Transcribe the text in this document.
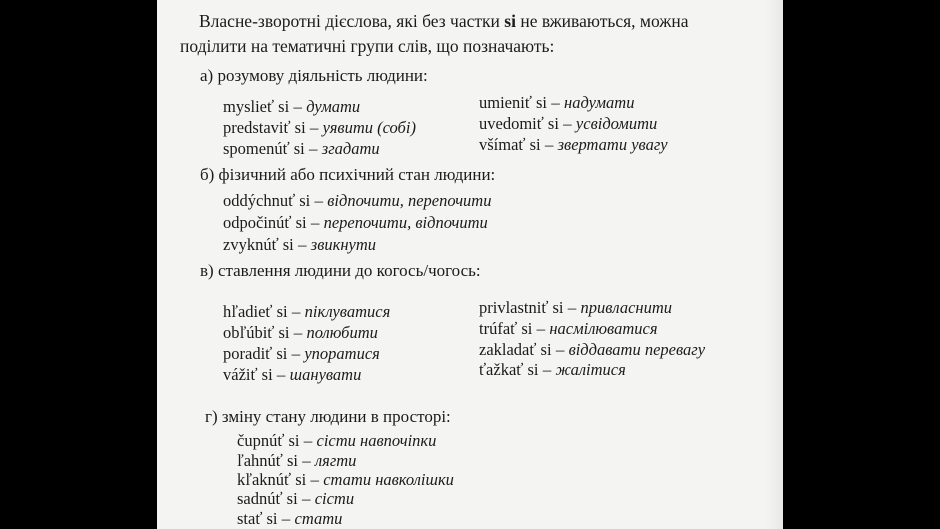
Власне-зворотні дієслова, які без частки si не вживаються, можна
поділити на тематичні групи слів, що позначають:
а) розумову діяльність людини:
myslieť si – думати
predstaviť si – уявити (собі)
spomenúť si – згадати
umieniť si – надумати
uvedomiť si – усвідомити
všímať si – звертати увагу
б) фізичний або психічний стан людини:
oddýchnuť si – відпочити, перепочити
odpočinúť si – перепочити, відпочити
zvyknúť si – звикнути
в) ставлення людини до когось/чогось:
hľadieť si – піклуватися
obľúbiť si – полюбити
poradiť si – упоратися
vážiť si – шанувати
privlastniť si – привласнити
trúfať si – насмілюватися
zakladať si – віддавати перевагу
ťažkať si – жалітися
г) зміну стану людини в просторі:
čupnúť si – сісти навпочіпки
ľahnúť si – лягти
kľaknúť si – стати навколішки
sadnúť si – сісти
stať si – стати
